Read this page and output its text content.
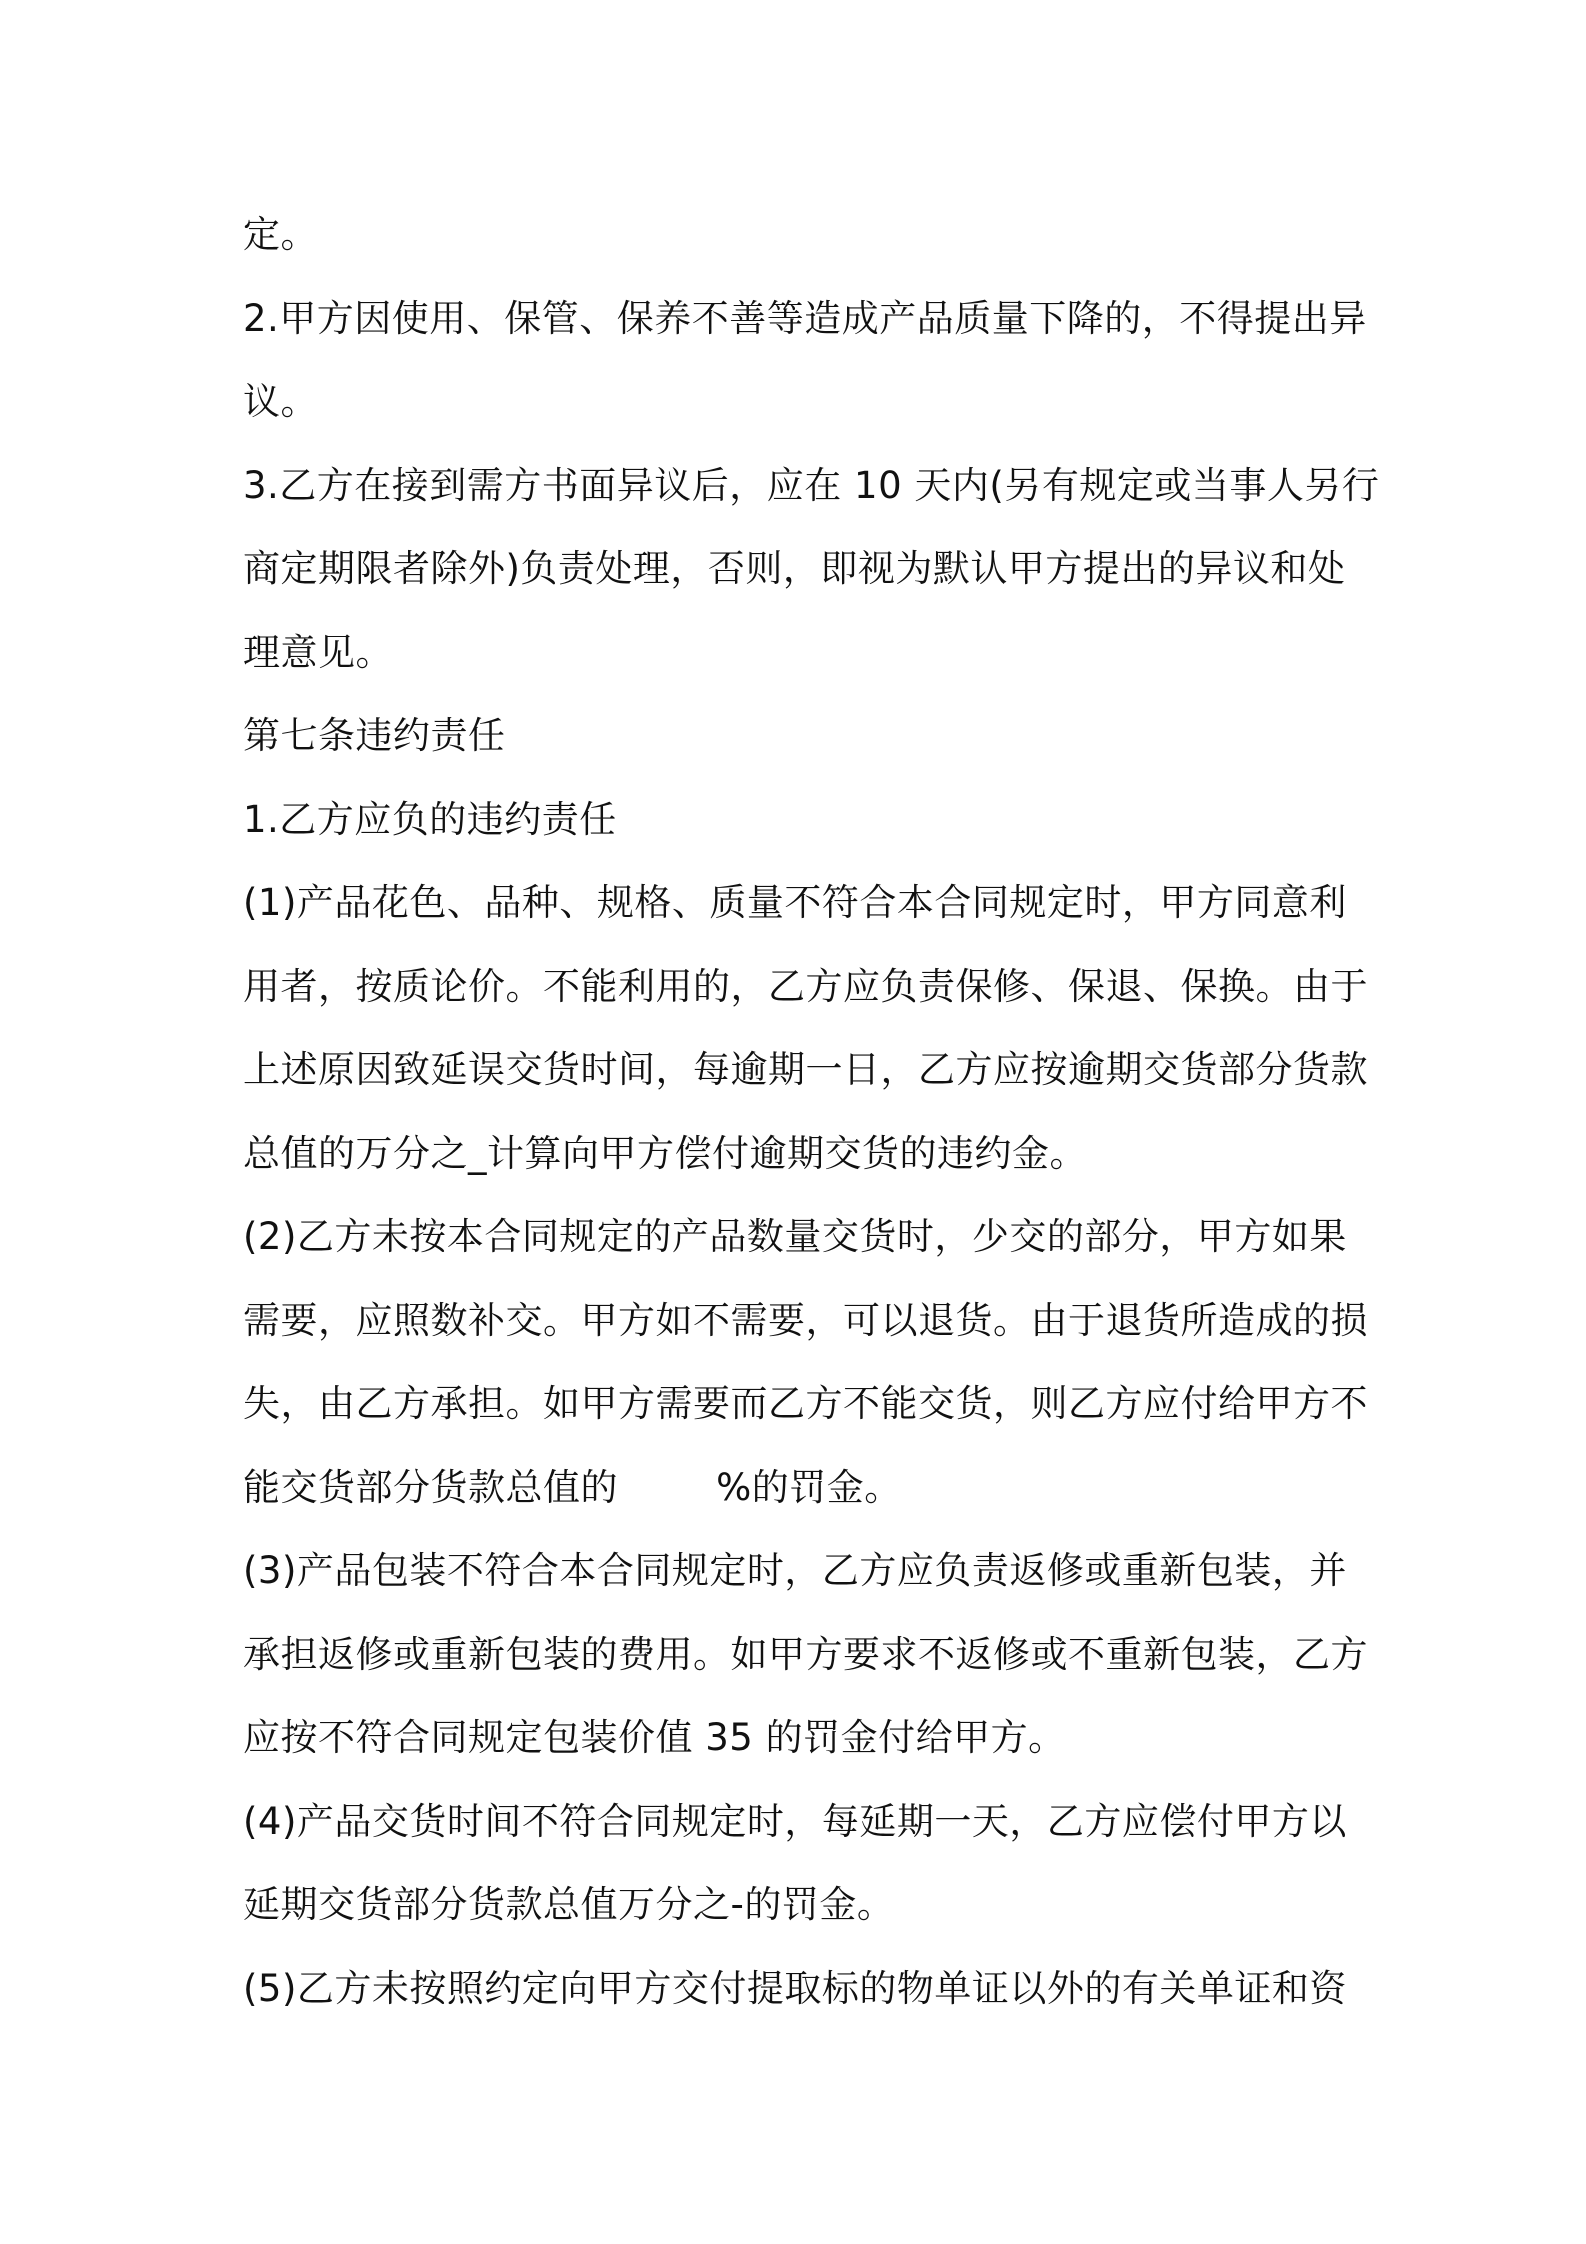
定。
2.甲方因使用、保管、保养不善等造成产品质量下降的，不得提出异
议。
3.乙方在接到需方书面异议后，应在 10 天内(另有规定或当事人另行
商定期限者除外)负责处理，否则，即视为默认甲方提出的异议和处
理意见。
第七条违约责任
1.乙方应负的违约责任
(1)产品花色、品种、规格、质量不符合本合同规定时，甲方同意利
用者，按质论价。不能利用的，乙方应负责保修、保退、保换。由于
上述原因致延误交货时间，每逾期一日，乙方应按逾期交货部分货款
总值的万分之_计算向甲方偿付逾期交货的违约金。
(2)乙方未按本合同规定的产品数量交货时，少交的部分，甲方如果
需要，应照数补交。甲方如不需要，可以退货。由于退货所造成的损
失，由乙方承担。如甲方需要而乙方不能交货，则乙方应付给甲方不
能交货部分货款总值的        %的罚金。
(3)产品包装不符合本合同规定时，乙方应负责返修或重新包装，并
承担返修或重新包装的费用。如甲方要求不返修或不重新包装，乙方
应按不符合同规定包装价值 35 的罚金付给甲方。
(4)产品交货时间不符合同规定时，每延期一天，乙方应偿付甲方以
延期交货部分货款总值万分之-的罚金。
(5)乙方未按照约定向甲方交付提取标的物单证以外的有关单证和资
